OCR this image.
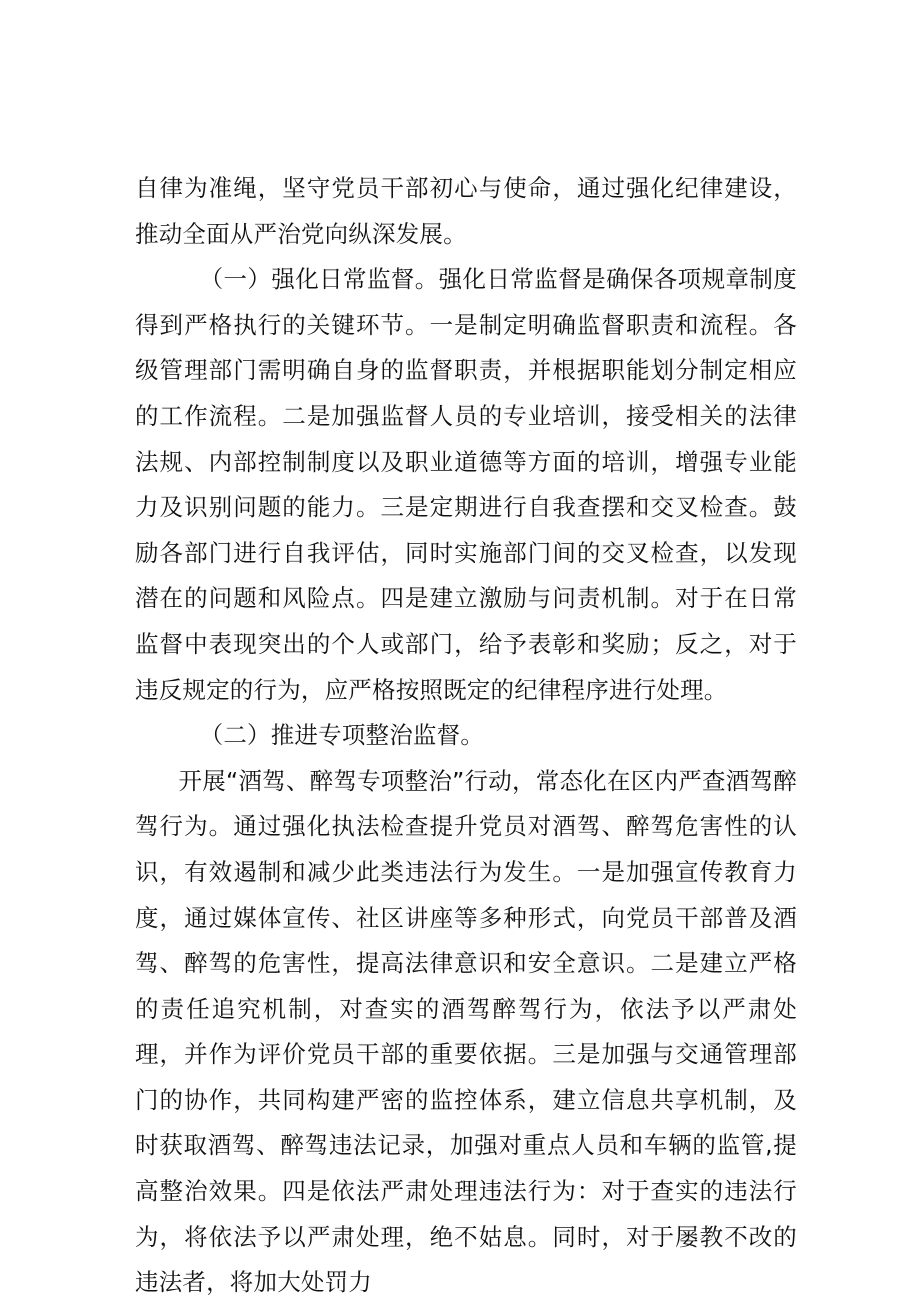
自律为准绳，坚守党员干部初心与使命，通过强化纪律建设，推动全面从严治党向纵深发展。

（一）强化日常监督。强化日常监督是确保各项规章制度得到严格执行的关键环节。一是制定明确监督职责和流程。各级管理部门需明确自身的监督职责，并根据职能划分制定相应的工作流程。二是加强监督人员的专业培训，接受相关的法律法规、内部控制制度以及职业道德等方面的培训，增强专业能力及识别问题的能力。三是定期进行自我查摆和交叉检查。鼓励各部门进行自我评估，同时实施部门间的交叉检查，以发现潜在的问题和风险点。四是建立激励与问责机制。对于在日常监督中表现突出的个人或部门，给予表彰和奖励；反之，对于违反规定的行为，应严格按照既定的纪律程序进行处理。

（二）推进专项整治监督。

开展“酒驾、醉驾专项整治”行动，常态化在区内严查酒驾醉驾行为。通过强化执法检查提升党员对酒驾、醉驾危害性的认识，有效遏制和减少此类违法行为发生。一是加强宣传教育力度，通过媒体宣传、社区讲座等多种形式，向党员干部普及酒驾、醉驾的危害性，提高法律意识和安全意识。二是建立严格的责任追究机制，对查实的酒驾醉驾行为，依法予以严肃处理，并作为评价党员干部的重要依据。三是加强与交通管理部门的协作，共同构建严密的监控体系，建立信息共享机制，及时获取酒驾、醉驾违法记录，加强对重点人员和车辆的监管,提高整治效果。四是依法严肃处理违法行为：对于查实的违法行为，将依法予以严肃处理，绝不姑息。同时，对于屡教不改的违法者，将加大处罚力
